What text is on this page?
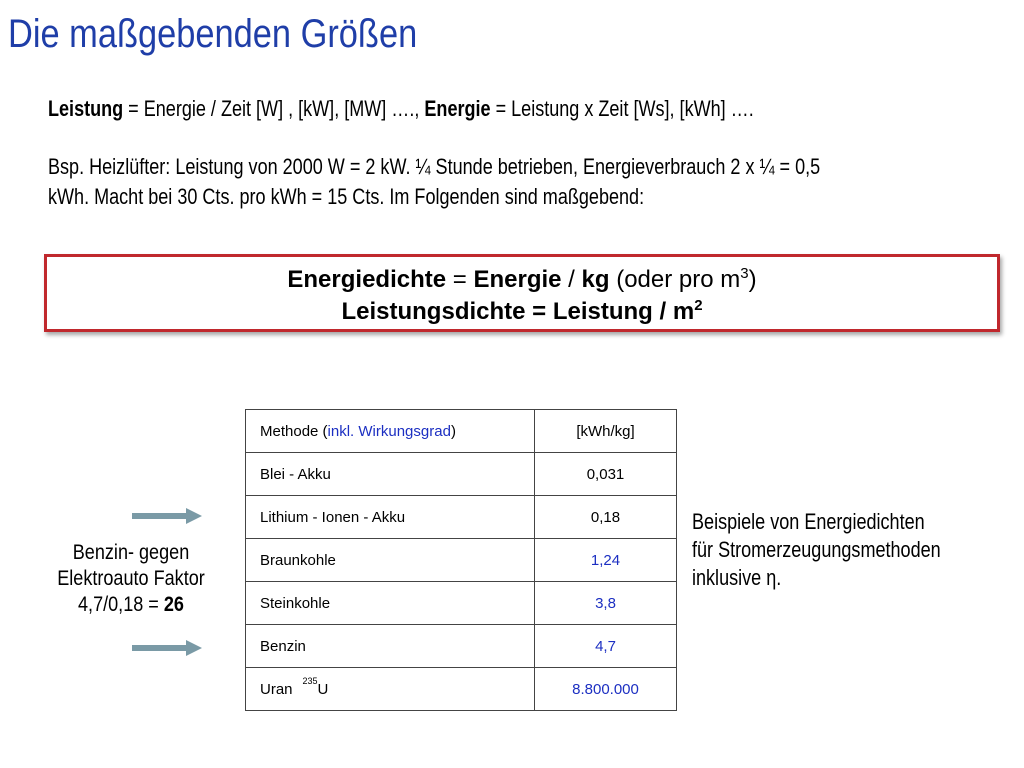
Die maßgebenden Größen
Leistung = Energie / Zeit [W] , [kW], [MW] …., Energie = Leistung x Zeit [Ws], [kWh] ….
Bsp. Heizlüfter: Leistung von 2000 W = 2 kW. ¼ Stunde betrieben, Energieverbrauch 2 x ¼ = 0,5
kWh. Macht bei 30 Cts. pro kWh = 15 Cts. Im Folgenden sind maßgebend:
Energiedichte = Energie / kg (oder pro $m^3$)
Leistungsdichte = Leistung / $m^2$
Methode (inkl. Wirkungsgrad)	[kWh/kg]
Blei - Akku	0,031
Lithium - Ionen - Akku	0,18
Braunkohle	1,24
Steinkohle	3,8
Benzin	4,7
Uran $^{235}$U	8.800.000
Benzin- gegen
Elektroauto Faktor
4,7/0,18 = 26
Beispiele von Energiedichten
für Stromerzeugungsmethoden
inklusive η.
